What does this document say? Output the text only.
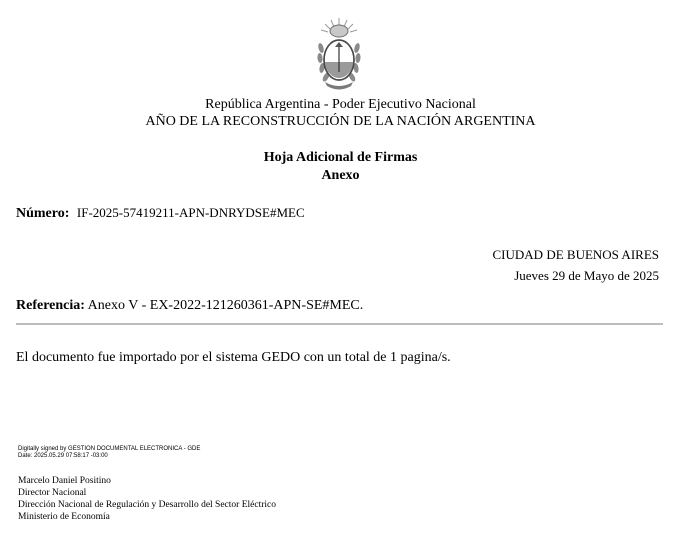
República Argentina - Poder Ejecutivo Nacional
AÑO DE LA RECONSTRUCCIÓN DE LA NACIÓN ARGENTINA
Hoja Adicional de Firmas
Anexo
Número: IF-2025-57419211-APN-DNRYDSE#MEC
CIUDAD DE BUENOS AIRES
Jueves 29 de Mayo de 2025
Referencia: Anexo V - EX-2022-121260361-APN-SE#MEC.
El documento fue importado por el sistema GEDO con un total de 1 pagina/s.
Digitally signed by GESTION DOCUMENTAL ELECTRONICA - GDE
Date: 2025.05.29 07:58:17 -03:00
Marcelo Daniel Positino
Director Nacional
Dirección Nacional de Regulación y Desarrollo del Sector Eléctrico
Ministerio de Economía
